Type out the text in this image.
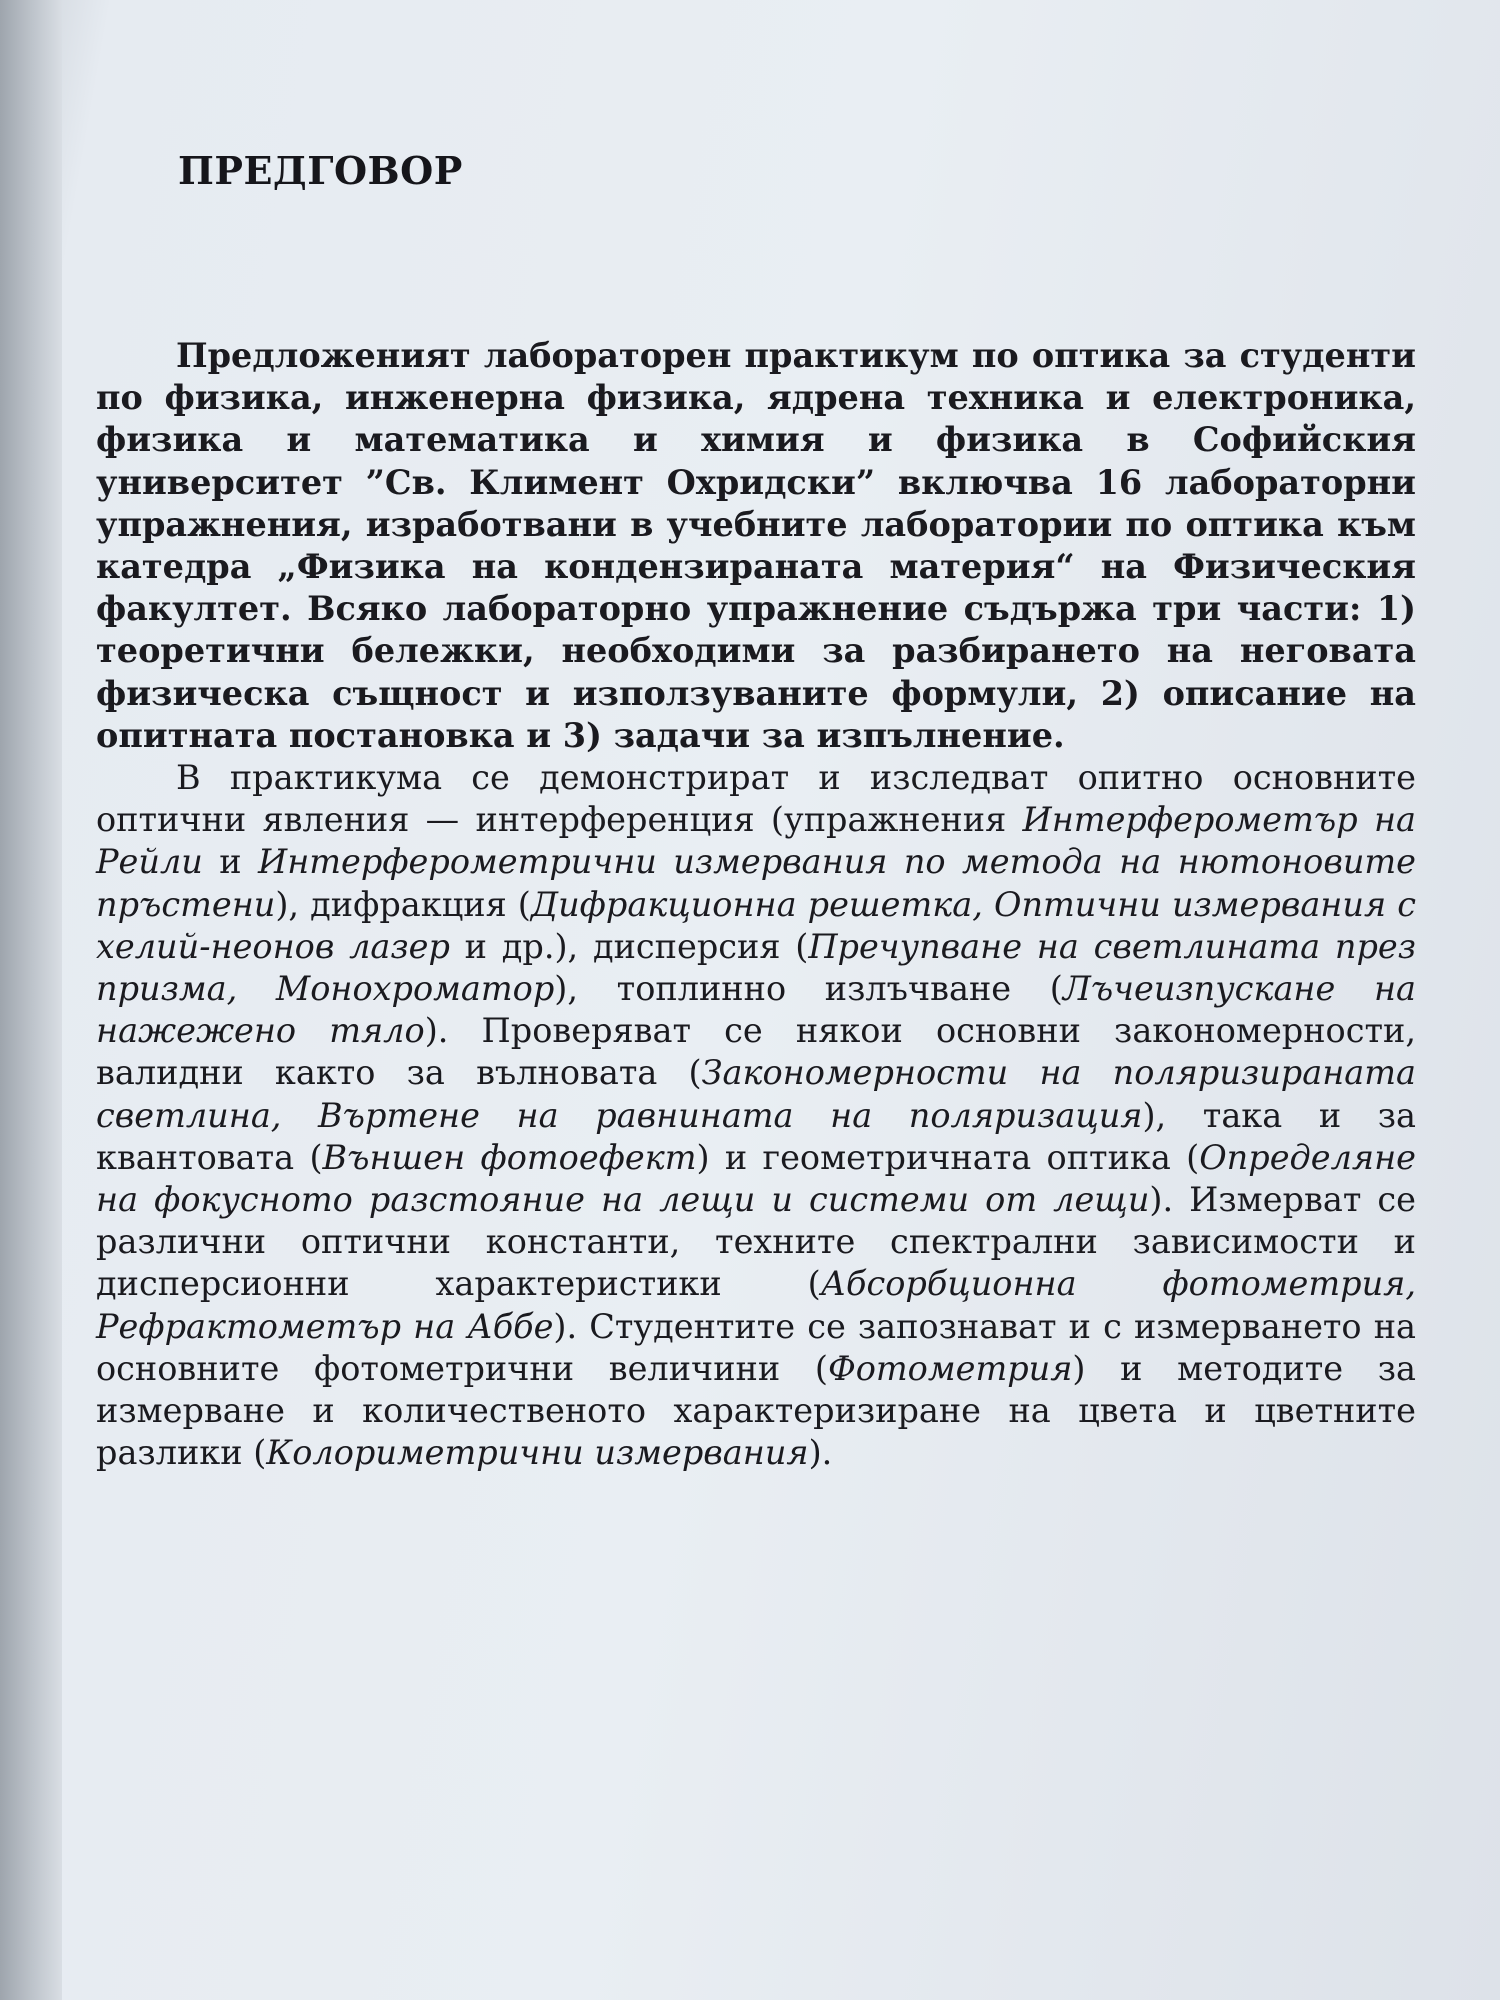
ПРЕДГОВОР

Предложеният лабораторен практикум по оптика за студенти по физика, инженерна физика, ядрена техника и електроника, физика и математика и химия и физика в Софийския университет ”Св. Климент Охридски” включва 16 лабораторни упражнения, изработвани в учебните лаборатории по оптика към катедра „Физика на кондензираната материя“ на Физическия факултет. Всяко лабораторно упражнение съдържа три части: 1) теоретични бележки, необходими за разбирането на неговата физическа същност и използуваните формули, 2) описание на опитната постановка и 3) задачи за изпълнение.

В практикума се демонстрират и изследват опитно основните оптични явления — интерференция (упражнения Интерферометър на Рейли и Интерферометрични измервания по метода на нютоновите пръстени), дифракция (Дифракционна решетка, Оптични измервания с хелий-неонов лазер и др.), дисперсия (Пречупване на светлината през призма, Монохроматор), топлинно излъчване (Лъчеизпускане на нажежено тяло). Проверяват се някои основни закономерности, валидни както за вълновата (Закономерности на поляризираната светлина, Въртене на равнината на поляризация), така и за квантовата (Външен фотоефект) и геометричната оптика (Определяне на фокусното разстояние на лещи и системи от лещи). Измерват се различни оптични константи, техните спектрални зависимости и дисперсионни характеристики (Абсорбционна фотометрия, Рефрактометър на Аббе). Студентите се запознават и с измерването на основните фотометрични величини (Фотометрия) и методите за измерване и количественото характеризиране на цвета и цветните разлики (Колориметрични измервания).
